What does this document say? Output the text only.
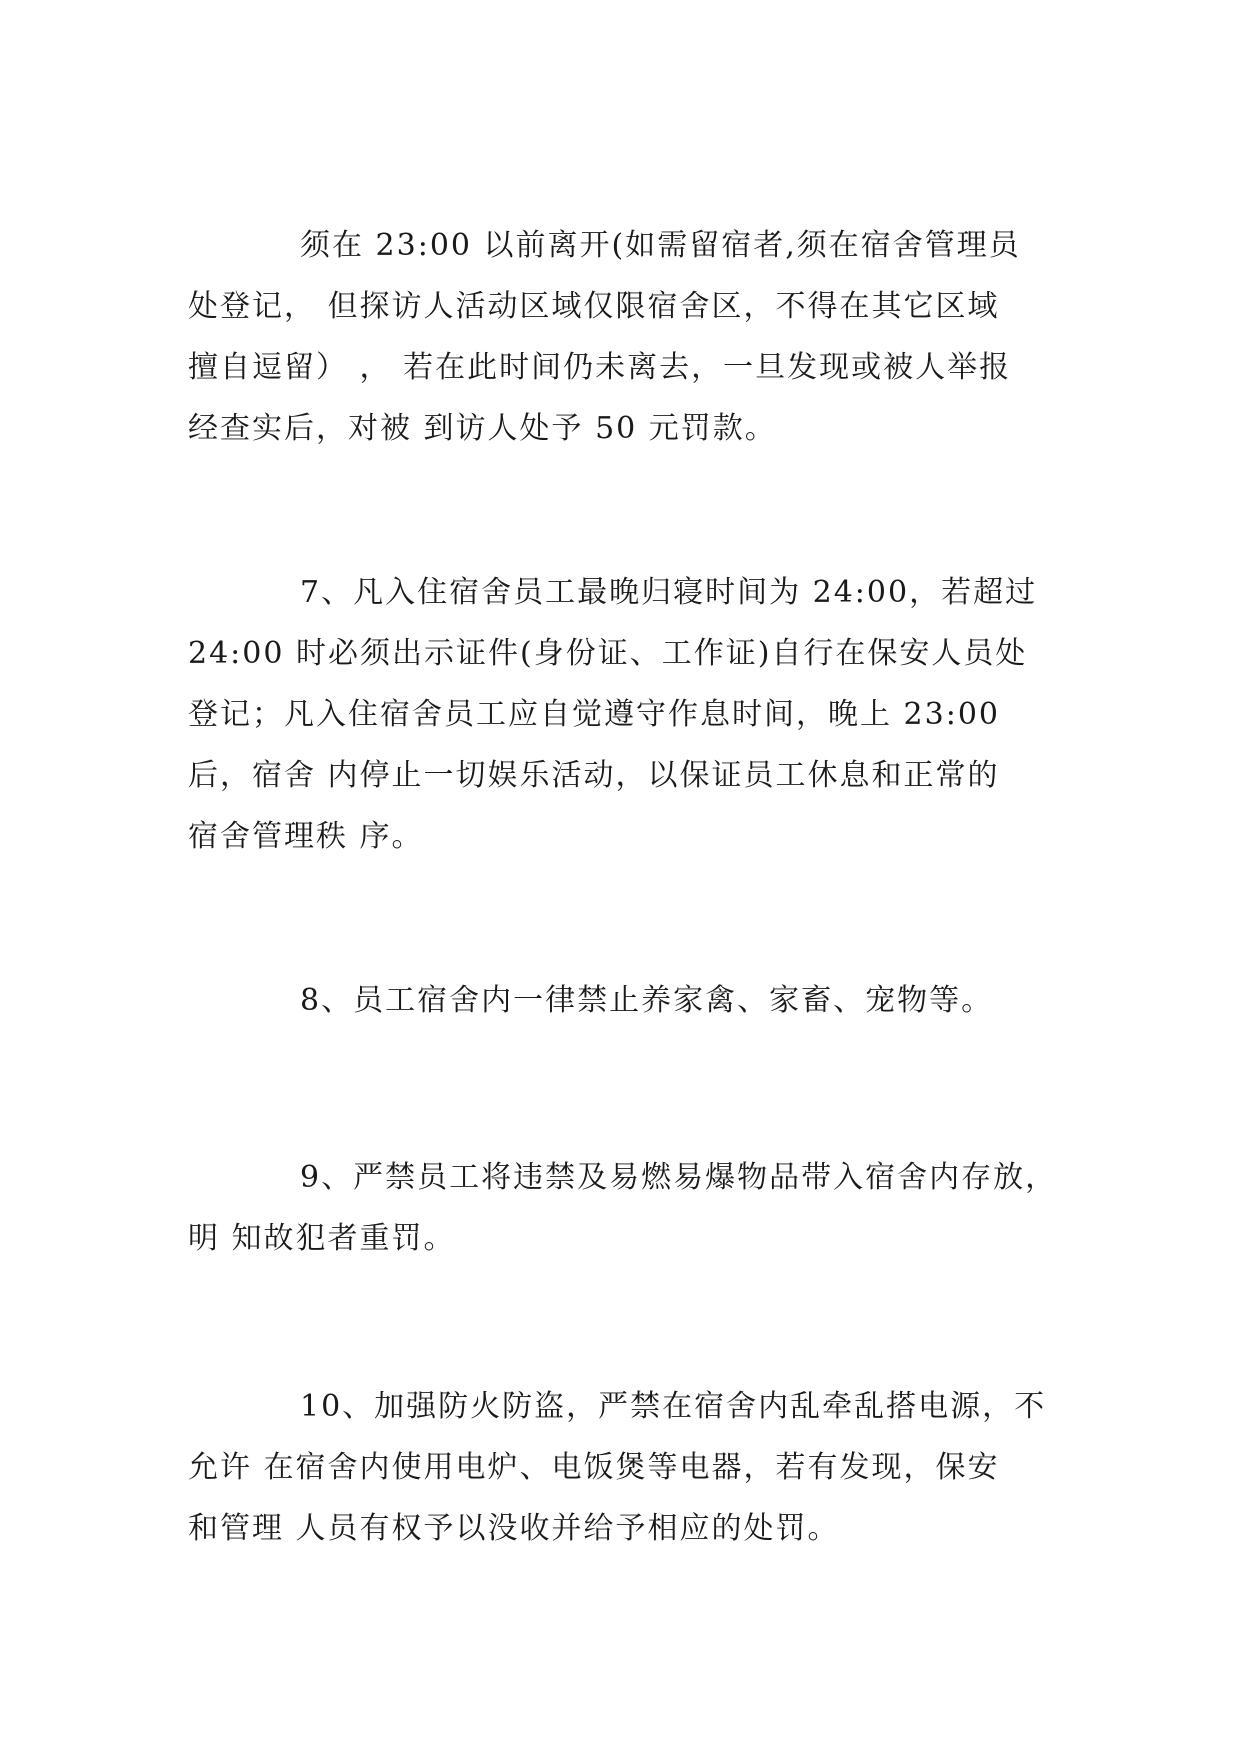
须在 23:00 以前离开(如需留宿者,须在宿舍管理员
处登记， 但探访人活动区域仅限宿舍区，不得在其它区域
擅自逗留） ， 若在此时间仍未离去，一旦发现或被人举报
经查实后，对被 到访人处予 50 元罚款。
7、凡入住宿舍员工最晚归寝时间为 24:00，若超过
24:00 时必须出示证件(身份证、工作证)自行在保安人员处
登记；凡入住宿舍员工应自觉遵守作息时间，晚上 23:00
后，宿舍 内停止一切娱乐活动，以保证员工休息和正常的
宿舍管理秩 序。
8、员工宿舍内一律禁止养家禽、家畜、宠物等。
9、严禁员工将违禁及易燃易爆物品带入宿舍内存放，
明 知故犯者重罚。
10、加强防火防盗，严禁在宿舍内乱牵乱搭电源，不
允许 在宿舍内使用电炉、电饭煲等电器，若有发现，保安
和管理 人员有权予以没收并给予相应的处罚。
